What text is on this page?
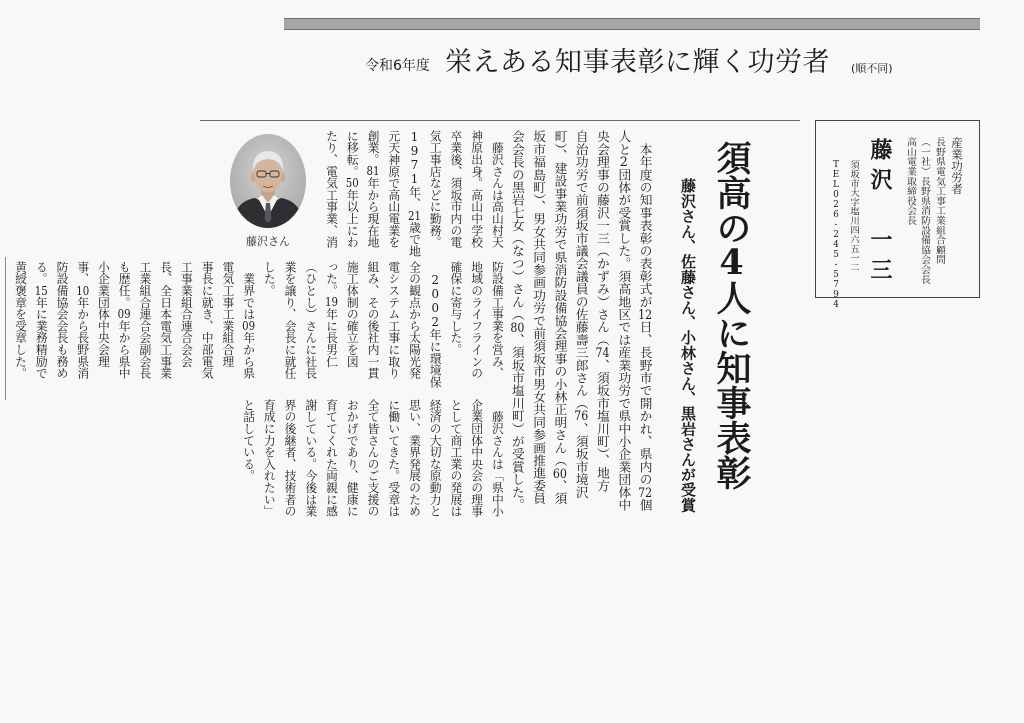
令和6年度 栄えある知事表彰に輝く功労者 (順不同)
産業功労者
長野県電気工事工業組合顧問
（一社）長野県消防設備協会会長
高山電業取締役会長
藤沢　一三
須坂市大字塩川四六五一二
TEL026-245-5794
須高の4人に知事表彰
藤沢さん、佐藤さん、小林さん、黒岩さんが受賞
　本年度の知事表彰の表彰式が12日、長野市で開かれ、県内の72個
人と2団体が受賞した。須高地区では産業功労で県中小企業団体中
央会理事の藤沢一三（かずみ）さん（74、須坂市塩川町）、地方
自治功労で前須坂市議会議員の佐藤壽三郎さん（76、須坂市境沢
町）、建設事業功労で県消防設備協会理事の小林正明さん（60、須
坂市福島町）、男女共同参画功労で前須坂市男女共同参画推進委員
会会長の黒岩七女（なつ）さん（80、須坂市塩川町）が受賞した。
　藤沢さんは高山村天
神原出身。高山中学校
卒業後、須坂市内の電
気工事店などに勤務。
1971年、21歳で地
元天神原で高山電業を
創業。81年から現在地
に移転。50年以上にわ
たり、電気工事業、消
防設備工事業を営み、
地域のライフラインの
確保に寄与した。
　2002年に環境保
全の観点から太陽光発
電システム工事に取り
組み、その後社内一貫
施工体制の確立を図
った。19年に長男仁
（ひとし）さんに社長
業を譲り、会長に就任
した。
　業界では09年から県
電気工事工業組合理
事長に就き、中部電気
工事業組合連合会会
長、全日本電気工事業
工業組合連合会副会長
も歴任。09年から県中
小企業団体中央会理
事、10年から長野県消
防設備協会会長も務め
る。15年に業務精励で
黄綬褒章を受章した。
　藤沢さんは「県中小
企業団体中央会の理事
として商工業の発展は
経済の大切な原動力と
思い、業界発展のため
に働いてきた。受章は
全て皆さんのご支援の
おかげであり、健康に
育ててくれた両親に感
謝している。今後は業
界の後継者、技術者の
育成に力を入れたい」
と話している。
藤沢さん
